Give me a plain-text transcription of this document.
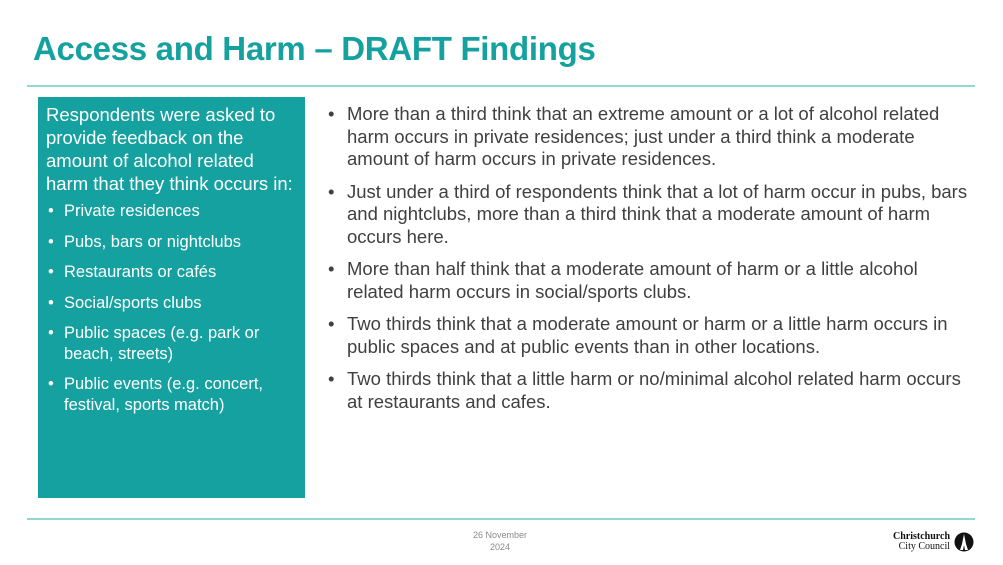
Access and Harm – DRAFT Findings

Respondents were asked to provide feedback on the amount of alcohol related harm that they think occurs in:

• Private residences
• Pubs, bars or nightclubs
• Restaurants or cafés
• Social/sports clubs
• Public spaces (e.g. park or beach, streets)
• Public events (e.g. concert, festival, sports match)
• More than a third think that an extreme amount or a lot of alcohol related harm occurs in private residences; just under a third think a moderate amount of harm occurs in private residences.
• Just under a third of respondents think that a lot of harm occur in pubs, bars and nightclubs, more than a third think that a moderate amount of harm occurs here.
• More than half think that a moderate amount of harm or a little alcohol related harm occurs in social/sports clubs.
• Two thirds think that a moderate amount or harm or a little harm occurs in public spaces and at public events than in other locations.
• Two thirds think that a little harm or no/minimal alcohol related harm occurs at restaurants and cafes.
26 November
2024
Christchurch
City Council
